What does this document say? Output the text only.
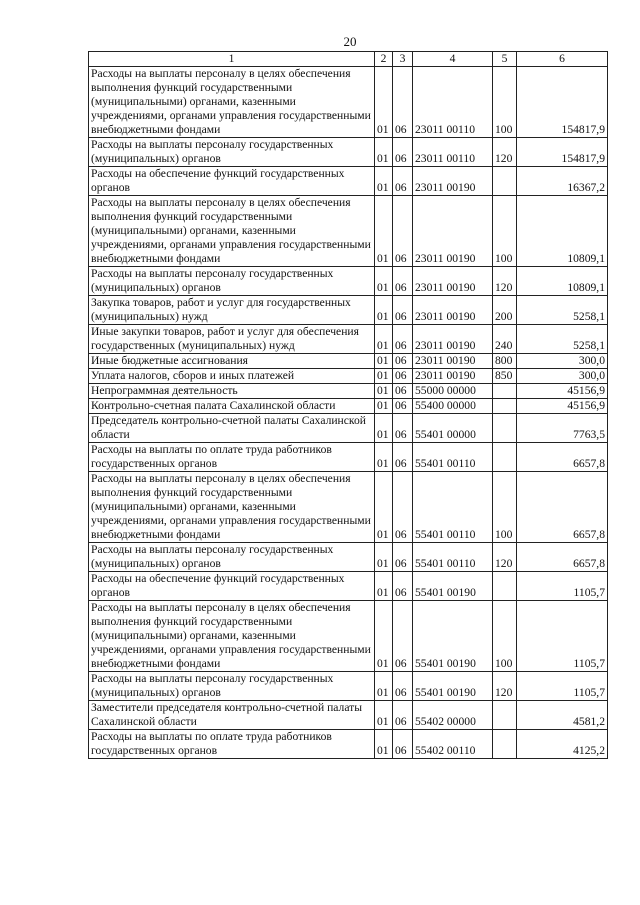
20
1	2	3	4	5	6
Расходы на выплаты персоналу в целях обеспечения выполнения функций государственными (муниципальными) органами, казенными учреждениями, органами управления государственными внебюджетными фондами	01	06	23011 00110	100	154817,9
Расходы на выплаты персоналу государственных (муниципальных) органов	01	06	23011 00110	120	154817,9
Расходы на обеспечение функций государственных органов	01	06	23011 00190		16367,2
Расходы на выплаты персоналу в целях обеспечения выполнения функций государственными (муниципальными) органами, казенными учреждениями, органами управления государственными внебюджетными фондами	01	06	23011 00190	100	10809,1
Расходы на выплаты персоналу государственных (муниципальных) органов	01	06	23011 00190	120	10809,1
Закупка товаров, работ и услуг для государственных (муниципальных) нужд	01	06	23011 00190	200	5258,1
Иные закупки товаров, работ и услуг для обеспечения государственных (муниципальных) нужд	01	06	23011 00190	240	5258,1
Иные бюджетные ассигнования	01	06	23011 00190	800	300,0
Уплата налогов, сборов и иных платежей	01	06	23011 00190	850	300,0
Непрограммная деятельность	01	06	55000 00000		45156,9
Контрольно-счетная палата Сахалинской области	01	06	55400 00000		45156,9
Председатель контрольно-счетной палаты Сахалинской области	01	06	55401 00000		7763,5
Расходы на выплаты по оплате труда работников государственных органов	01	06	55401 00110		6657,8
Расходы на выплаты персоналу в целях обеспечения выполнения функций государственными (муниципальными) органами, казенными учреждениями, органами управления государственными внебюджетными фондами	01	06	55401 00110	100	6657,8
Расходы на выплаты персоналу государственных (муниципальных) органов	01	06	55401 00110	120	6657,8
Расходы на обеспечение функций государственных органов	01	06	55401 00190		1105,7
Расходы на выплаты персоналу в целях обеспечения выполнения функций государственными (муниципальными) органами, казенными учреждениями, органами управления государственными внебюджетными фондами	01	06	55401 00190	100	1105,7
Расходы на выплаты персоналу государственных (муниципальных) органов	01	06	55401 00190	120	1105,7
Заместители председателя контрольно-счетной палаты Сахалинской области	01	06	55402 00000		4581,2
Расходы на выплаты по оплате труда работников государственных органов	01	06	55402 00110		4125,2
